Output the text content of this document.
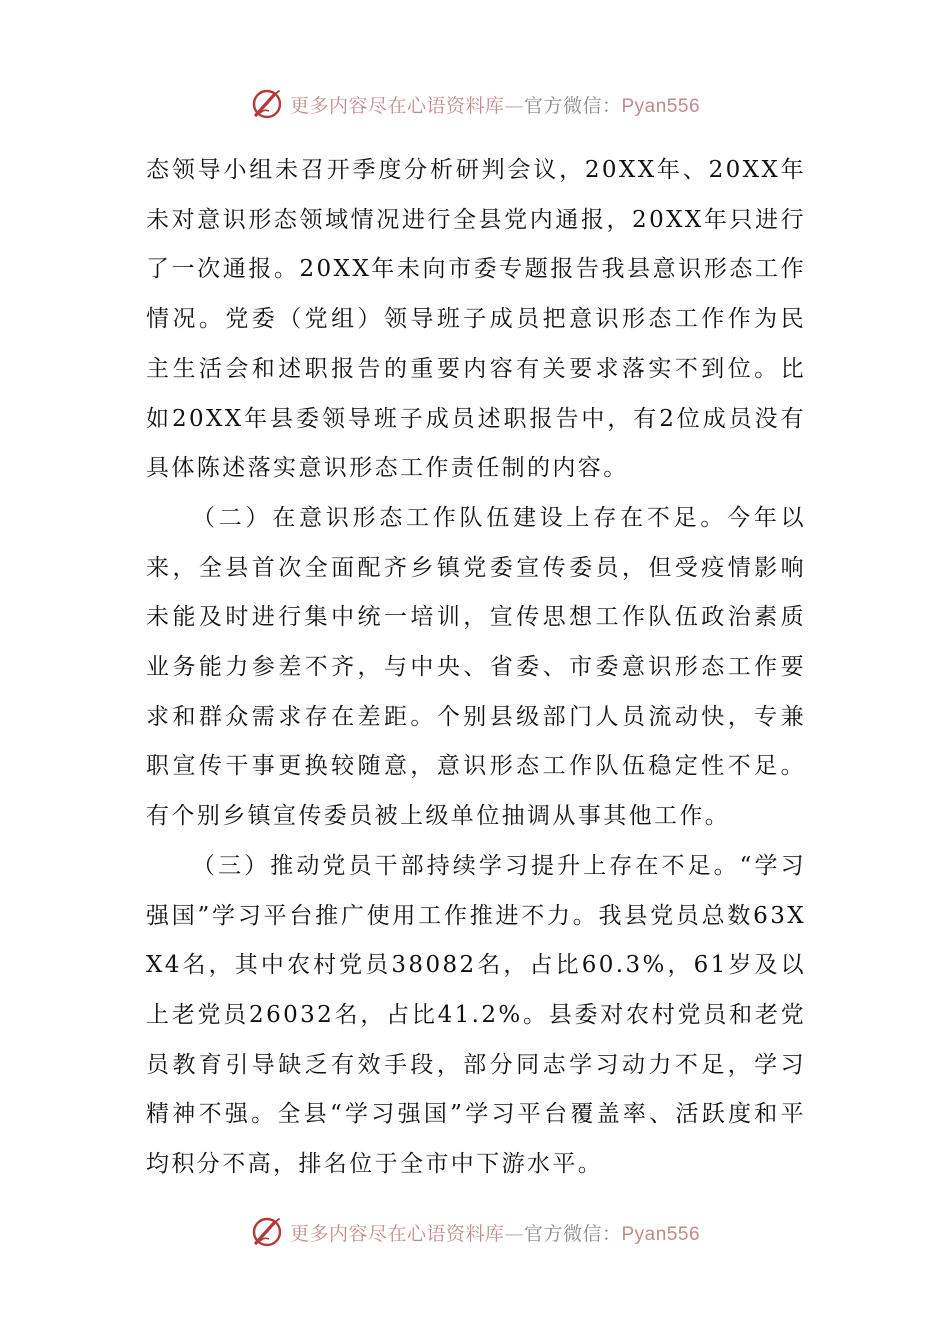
更多内容尽在心语资料库—官方微信：Pyan556

态领导小组未召开季度分析研判会议，20XX年、20XX年未对意识形态领域情况进行全县党内通报，20XX年只进行了一次通报。20XX年未向市委专题报告我县意识形态工作情况。党委（党组）领导班子成员把意识形态工作作为民主生活会和述职报告的重要内容有关要求落实不到位。比如20XX年县委领导班子成员述职报告中，有2位成员没有具体陈述落实意识形态工作责任制的内容。

（二）在意识形态工作队伍建设上存在不足。今年以来，全县首次全面配齐乡镇党委宣传委员，但受疫情影响未能及时进行集中统一培训，宣传思想工作队伍政治素质业务能力参差不齐，与中央、省委、市委意识形态工作要求和群众需求存在差距。个别县级部门人员流动快，专兼职宣传干事更换较随意，意识形态工作队伍稳定性不足。有个别乡镇宣传委员被上级单位抽调从事其他工作。

（三）推动党员干部持续学习提升上存在不足。“学习强国”学习平台推广使用工作推进不力。我县党员总数63XX4名，其中农村党员38082名，占比60.3%，61岁及以上老党员26032名，占比41.2%。县委对农村党员和老党员教育引导缺乏有效手段，部分同志学习动力不足，学习精神不强。全县“学习强国”学习平台覆盖率、活跃度和平均积分不高，排名位于全市中下游水平。

更多内容尽在心语资料库—官方微信：Pyan556
